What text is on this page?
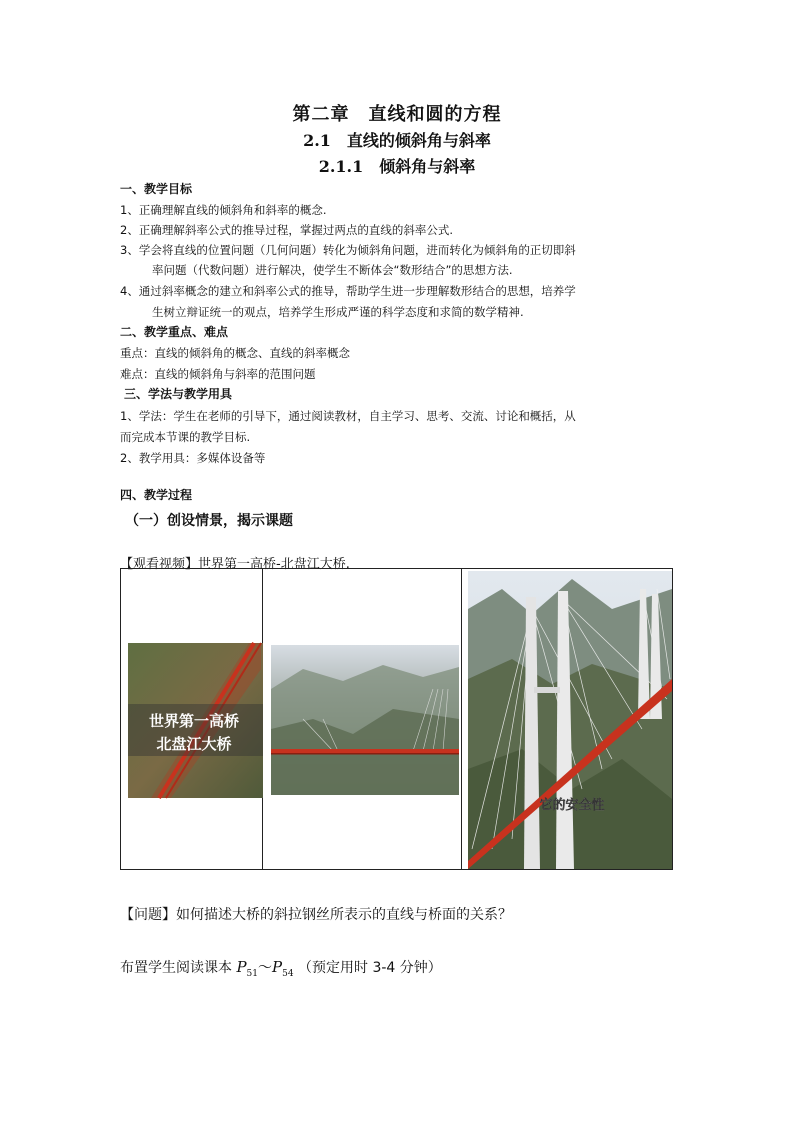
第二章　直线和圆的方程
2.1　直线的倾斜角与斜率
2.1.1　倾斜角与斜率
一、教学目标
1、正确理解直线的倾斜角和斜率的概念.
2、正确理解斜率公式的推导过程，掌握过两点的直线的斜率公式.
3、学会将直线的位置问题（几何问题）转化为倾斜角问题，进而转化为倾斜角的正切即斜
率问题（代数问题）进行解决，使学生不断体会“数形结合”的思想方法.
4、通过斜率概念的建立和斜率公式的推导，帮助学生进一步理解数形结合的思想，培养学
生树立辩证统一的观点，培养学生形成严谨的科学态度和求简的数学精神.
二、教学重点、难点
重点：直线的倾斜角的概念、直线的斜率概念
难点：直线的倾斜角与斜率的范围问题
三、学法与教学用具
1、学法：学生在老师的引导下，通过阅读教材，自主学习、思考、交流、讨论和概括，从
而完成本节课的教学目标.
2、教学用具：多媒体设备等
四、教学过程
（一）创设情景，揭示课题
【观看视频】世界第一高桥-北盘江大桥.
世界第一高桥
北盘江大桥
它的安全性
【问题】如何描述大桥的斜拉钢丝所表示的直线与桥面的关系？
布置学生阅读课本 $P_{51}\sim P_{54}$ （预定用时 3-4 分钟）
